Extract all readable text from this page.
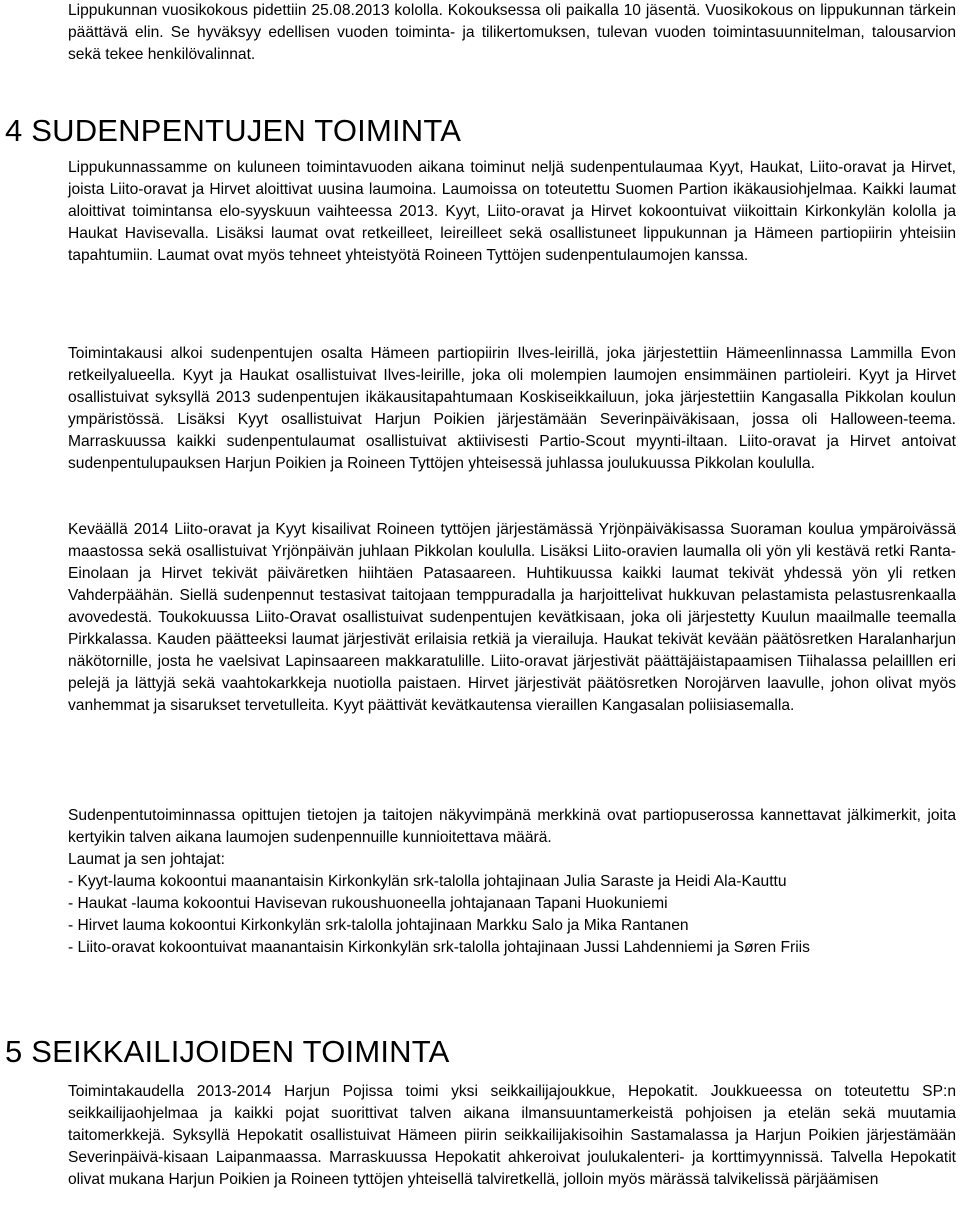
Lippukunnan vuosikokous pidettiin 25.08.2013 kololla. Kokouksessa oli paikalla 10 jäsentä. Vuosikokous on lippukunnan tärkein päättävä elin. Se hyväksyy edellisen vuoden toiminta- ja tilikertomuksen, tulevan vuoden toimintasuunnitelman, talousarvion sekä tekee henkilövalinnat.

4 SUDENPENTUJEN TOIMINTA

Lippukunnassamme on kuluneen toimintavuoden aikana toiminut neljä sudenpentulaumaa Kyyt, Haukat, Liito-oravat ja Hirvet, joista Liito-oravat ja Hirvet aloittivat uusina laumoina. Laumoissa on toteutettu Suomen Partion ikäkausiohjelmaa. Kaikki laumat aloittivat toimintansa elo-syyskuun vaihteessa 2013. Kyyt, Liito-oravat ja Hirvet kokoontuivat viikoittain Kirkonkylän kololla ja Haukat Havisevalla. Lisäksi laumat ovat retkeilleet, leireilleet sekä osallistuneet lippukunnan ja Hämeen partiopiirin yhteisiin tapahtumiin. Laumat ovat myös tehneet yhteistyötä Roineen Tyttöjen sudenpentulaumojen kanssa.

Toimintakausi alkoi sudenpentujen osalta Hämeen partiopiirin Ilves-leirillä, joka järjestettiin Hämeenlinnassa Lammilla Evon retkeilyalueella. Kyyt ja Haukat osallistuivat Ilves-leirille, joka oli molempien laumojen ensimmäinen partioleiri. Kyyt ja Hirvet osallistuivat syksyllä 2013 sudenpentujen ikäkausitapahtumaan Koskiseikkailuun, joka järjestettiin Kangasalla Pikkolan koulun ympäristössä. Lisäksi Kyyt osallistuivat Harjun Poikien järjestämään Severinpäiväkisaan, jossa oli Halloween-teema. Marraskuussa kaikki sudenpentulaumat osallistuivat aktiivisesti Partio-Scout myynti-iltaan. Liito-oravat ja Hirvet antoivat sudenpentulupauksen Harjun Poikien ja Roineen Tyttöjen yhteisessä juhlassa joulukuussa Pikkolan koululla.

Keväällä 2014 Liito-oravat ja Kyyt kisailivat Roineen tyttöjen järjestämässä Yrjönpäiväkisassa Suoraman koulua ympäroivässä maastossa sekä osallistuivat Yrjönpäivän juhlaan Pikkolan koululla. Lisäksi Liito-oravien laumalla oli yön yli kestävä retki Ranta-Einolaan ja Hirvet tekivät päiväretken hiihtäen Patasaareen. Huhtikuussa kaikki laumat tekivät yhdessä yön yli retken Vahderpäähän. Siellä sudenpennut testasivat taitojaan temppuradalla ja harjoittelivat hukkuvan pelastamista pelastusrenkaalla avovedestä. Toukokuussa Liito-Oravat osallistuivat sudenpentujen kevätkisaan, joka oli järjestetty Kuulun maailmalle teemalla Pirkkalassa. Kauden päätteeksi laumat järjestivät erilaisia retkiä ja vierailuja. Haukat tekivät kevään päätösretken Haralanharjun näkötornille, josta he vaelsivat Lapinsaareen makkaratulille. Liito-oravat järjestivät päättäjäistapaamisen Tiihalassa pelailllen eri pelejä ja lättyjä sekä vaahtokarkkeja nuotiolla paistaen. Hirvet järjestivät päätösretken Norojärven laavulle, johon olivat myös vanhemmat ja sisarukset tervetulleita. Kyyt päättivät kevätkautensa vieraillen Kangasalan poliisiasemalla.

Sudenpentutoiminnassa opittujen tietojen ja taitojen näkyvimpänä merkkinä ovat partiopuserossa kannettavat jälkimerkit, joita kertyikin talven aikana laumojen sudenpennuille kunnioitettava määrä.

Laumat ja sen johtajat:

- Kyyt-lauma kokoontui maanantaisin Kirkonkylän srk-talolla johtajinaan Julia Saraste ja Heidi Ala-Kauttu
- Haukat -lauma kokoontui Havisevan rukoushuoneella johtajanaan Tapani Huokuniemi
- Hirvet lauma kokoontui Kirkonkylän srk-talolla johtajinaan Markku Salo ja Mika Rantanen
- Liito-oravat kokoontuivat maanantaisin Kirkonkylän srk-talolla johtajinaan Jussi Lahdenniemi ja Søren Friis
5 SEIKKAILIJOIDEN TOIMINTA

Toimintakaudella 2013-2014 Harjun Pojissa toimi yksi seikkailijajoukkue, Hepokatit. Joukkueessa on toteutettu SP:n seikkailijaohjelmaa ja kaikki pojat suorittivat talven aikana ilmansuuntamerkeistä pohjoisen ja etelän sekä muutamia taitomerkkejä. Syksyllä Hepokatit osallistuivat Hämeen piirin seikkailijakisoihin Sastamalassa ja Harjun Poikien järjestämään Severinpäivä-kisaan Laipanmaassa. Marraskuussa Hepokatit ahkeroivat joulukalenteri- ja korttimyynnissä. Talvella Hepokatit olivat mukana Harjun Poikien ja Roineen tyttöjen yhteisellä talviretkellä, jolloin myös märässä talvikelissä pärjäämisen
